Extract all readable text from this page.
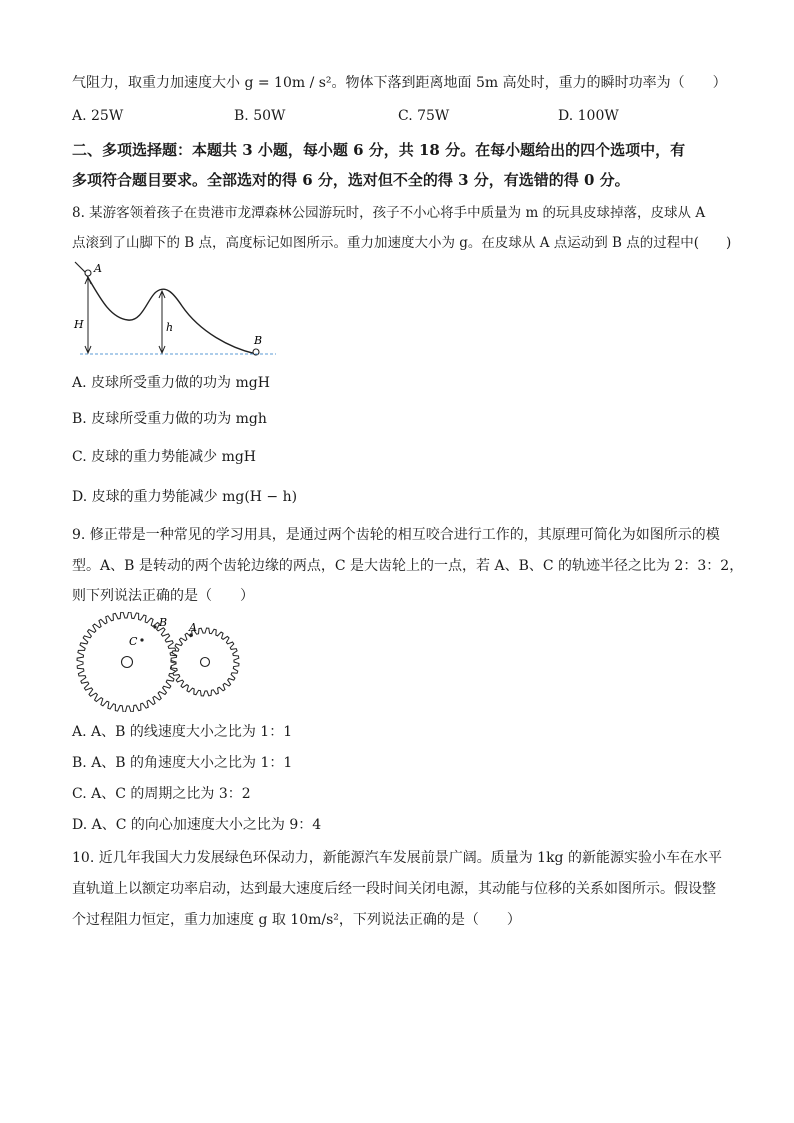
气阻力，取重力加速度大小 g = 10m / s²。物体下落到距离地面 5m 高处时，重力的瞬时功率为（　　）
A. 25W	B. 50W	C. 75W	D. 100W
二、多项选择题：本题共 3 小题，每小题 6 分，共 18 分。在每小题给出的四个选项中，有
多项符合题目要求。全部选对的得 6 分，选对但不全的得 3 分，有选错的得 0 分。
8. 某游客领着孩子在贵港市龙潭森林公园游玩时，孩子不小心将手中质量为 m 的玩具皮球掉落，皮球从 A
点滚到了山脚下的 B 点，高度标记如图所示。重力加速度大小为 g。在皮球从 A 点运动到 B 点的过程中(　　)
A
B
H	h
A. 皮球所受重力做的功为 mgH
B. 皮球所受重力做的功为 mgh
C. 皮球的重力势能减少 mgH
D. 皮球的重力势能减少 mg(H − h)
9. 修正带是一种常见的学习用具，是通过两个齿轮的相互咬合进行工作的，其原理可简化为如图所示的模
型。A、B 是转动的两个齿轮边缘的两点，C 是大齿轮上的一点，若 A、B、C 的轨迹半径之比为 2：3：2，
则下列说法正确的是（　　）
C
B A
A. A、B 的线速度大小之比为 1：1
B. A、B 的角速度大小之比为 1：1
C. A、C 的周期之比为 3：2
D. A、C 的向心加速度大小之比为 9：4
10. 近几年我国大力发展绿色环保动力，新能源汽车发展前景广阔。质量为 1kg 的新能源实验小车在水平
直轨道上以额定功率启动，达到最大速度后经一段时间关闭电源，其动能与位移的关系如图所示。假设整
个过程阻力恒定，重力加速度 g 取 10m/s²，下列说法正确的是（　　）
